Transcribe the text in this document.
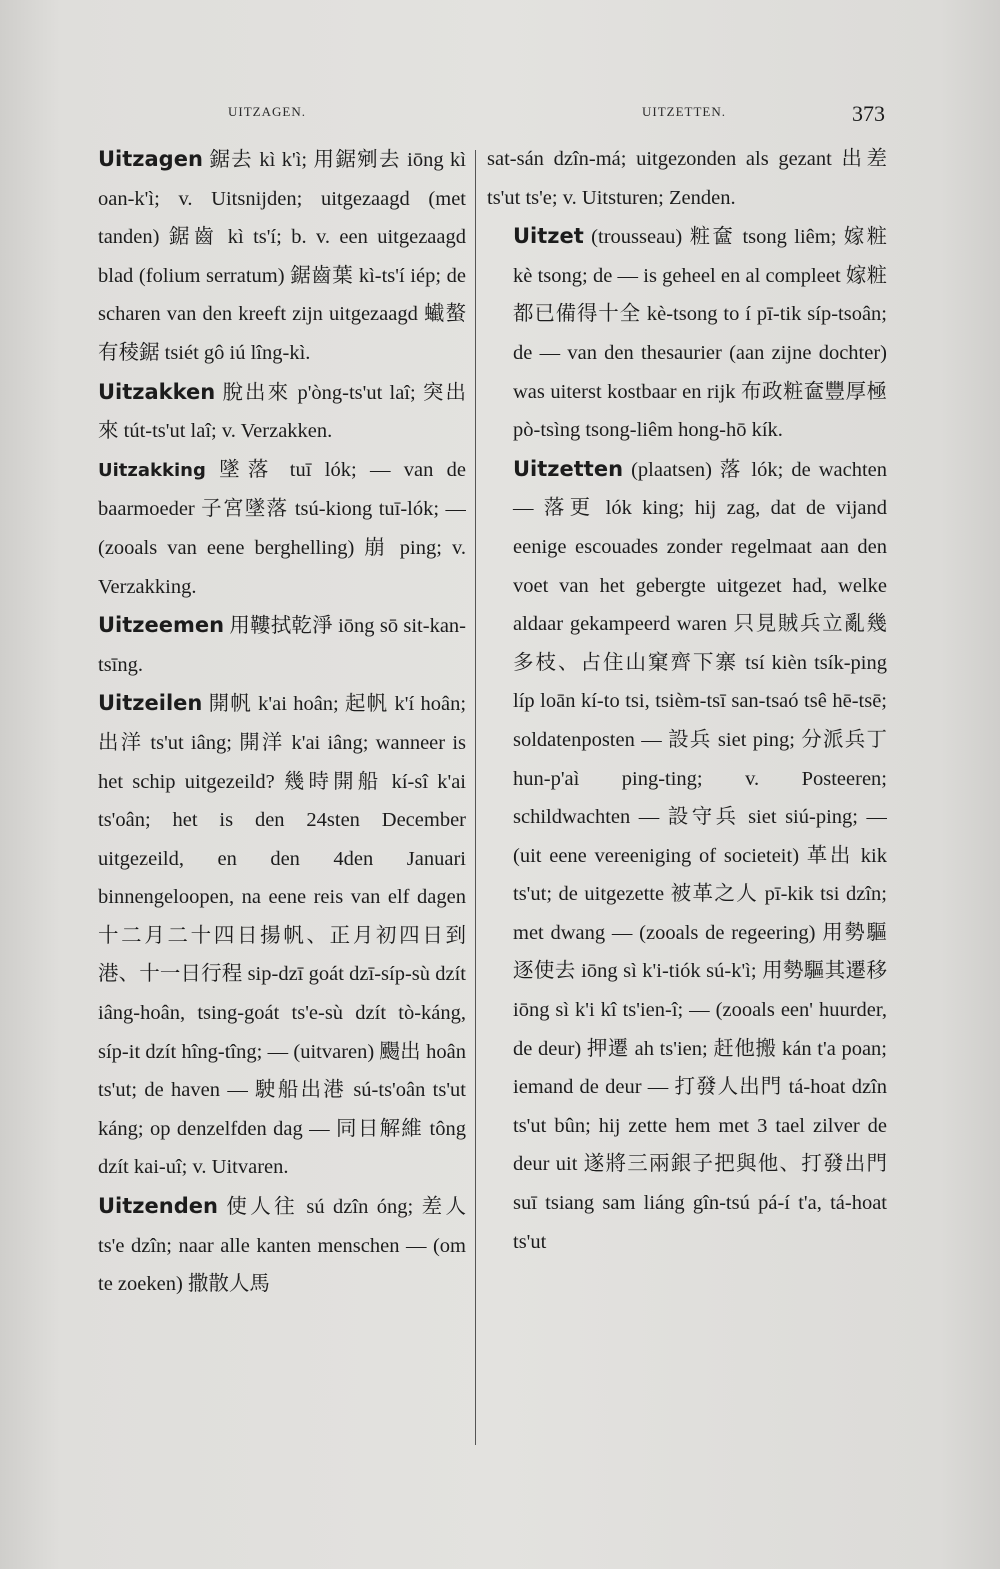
UITZAGEN.	UITZETTEN.	373

Uitzagen 鋸去 kì k'ì; 用鋸剜去 iōng kì oan-k'ì; v. Uitsnijden; uitgezaagd (met tanden) 鋸齒 kì ts'í; b. v. een uitgezaagd blad (folium serratum) 鋸齒葉 kì-ts'í iép; de scharen van den kreeft zijn uitgezaagd 蠘螯有稜鋸 tsiét gô iú lîng-kì.

Uitzakken 脫出來 p'òng-ts'ut laî; 突出來 tút-ts'ut laî; v. Verzakken.

Uitzakking 墜落 tuī lók; — van de baarmoeder 子宮墜落 tsú-kiong tuī-lók; — (zooals van eene berghelling) 崩 ping; v. Verzakking.

Uitzeemen 用鞻拭乾淨 iōng sō sit-kan-tsīng.

Uitzeilen 開帆 k'ai hoân; 起帆 k'í hoân; 出洋 ts'ut iâng; 開洋 k'ai iâng; wanneer is het schip uitgezeild? 幾時開船 kí-sî k'ai ts'oân; het is den 24sten December uitgezeild, en den 4den Januari binnengeloopen, na eene reis van elf dagen 十二月二十四日揚帆、正月初四日到港、十一日行程 sip-dzī goát dzī-síp-sù dzít iâng-hoân, tsing-goát ts'e-sù dzít tò-káng, síp-it dzít hîng-tîng; — (uitvaren) 颺出 hoân ts'ut; de haven — 駛船出港 sú-ts'oân ts'ut káng; op denzelfden dag — 同日解維 tông dzít kai-uî; v. Uitvaren.

Uitzenden 使人往 sú dzîn óng; 差人 ts'e dzîn; naar alle kanten menschen — (om te zoeken) 撒散人馬

sat-sán dzîn-má; uitgezonden als gezant 出差 ts'ut ts'e; v. Uitsturen; Zenden.

Uitzet (trousseau) 粧奩 tsong liêm; 嫁粧 kè tsong; de — is geheel en al compleet 嫁粧都已備得十全 kè-tsong to í pī-tik síp-tsoân; de — van den thesaurier (aan zijne dochter) was uiterst kostbaar en rijk 布政粧奩豐厚極 pò-tsìng tsong-liêm hong-hō kík.

Uitzetten (plaatsen) 落 lók; de wachten — 落更 lók king; hij zag, dat de vijand eenige escouades zonder regelmaat aan den voet van het gebergte uitgezet had, welke aldaar gekampeerd waren 只見賊兵立亂幾多枝、占住山窠齊下寨 tsí kièn tsík-ping líp loān kí-to tsi, tsièm-tsī san-tsaó tsê hē-tsē; soldatenposten — 設兵 siet ping; 分派兵丁 hun-p'aì ping-ting; v. Posteeren; schildwachten — 設守兵 siet siú-ping; — (uit eene vereeniging of societeit) 革出 kik ts'ut; de uitgezette 被革之人 pī-kik tsi dzîn; met dwang — (zooals de regeering) 用勢驅逐使去 iōng sì k'i-tiók sú-k'ì; 用勢驅其遷移 iōng sì k'i kî ts'ien-î; — (zooals een' huurder, de deur) 押遷 ah ts'ien; 赶他搬 kán t'a poan; iemand de deur — 打發人出門 tá-hoat dzîn ts'ut bûn; hij zette hem met 3 tael zilver de deur uit 遂將三兩銀子把與他、打發出門 suī tsiang sam liáng gîn-tsú pá-í t'a, tá-hoat ts'ut
